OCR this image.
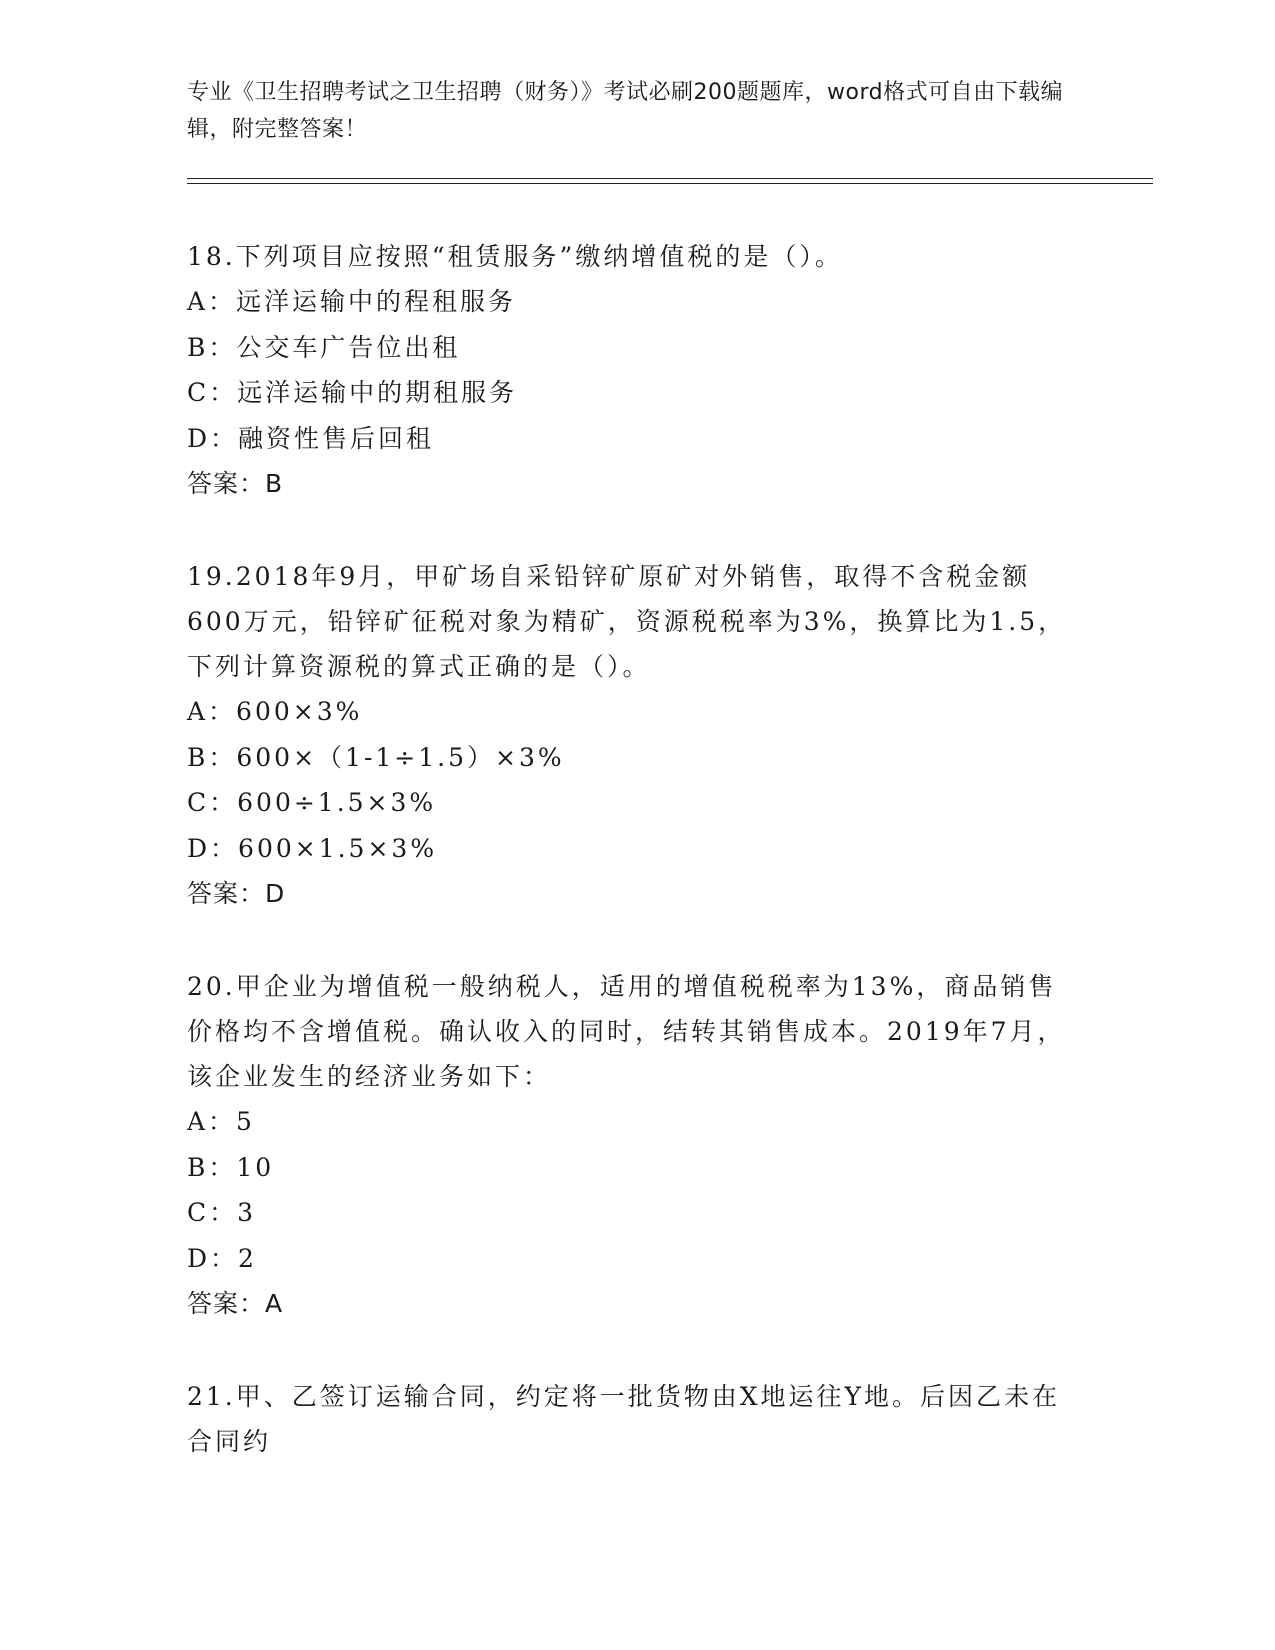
专业《卫生招聘考试之卫生招聘（财务）》考试必刷200题题库，word格式可自由下载编辑，附完整答案！

18.下列项目应按照“租赁服务”缴纳增值税的是（）。

A：远洋运输中的程租服务

B：公交车广告位出租

C：远洋运输中的期租服务

D：融资性售后回租

答案：B

19.2018年9月，甲矿场自采铅锌矿原矿对外销售，取得不含税金额600万元，铅锌矿征税对象为精矿，资源税税率为3%，换算比为1.5，下列计算资源税的算式正确的是（）。

A：600×3%

B：600×（1-1÷1.5）×3%

C：600÷1.5×3%

D：600×1.5×3%

答案：D

20.甲企业为增值税一般纳税人，适用的增值税税率为13%，商品销售价格均不含增值税。确认收入的同时，结转其销售成本。2019年7月，该企业发生的经济业务如下：

A：5

B：10

C：3

D：2

答案：A

21.甲、乙签订运输合同，约定将一批货物由X地运往Y地。后因乙未在合同约
